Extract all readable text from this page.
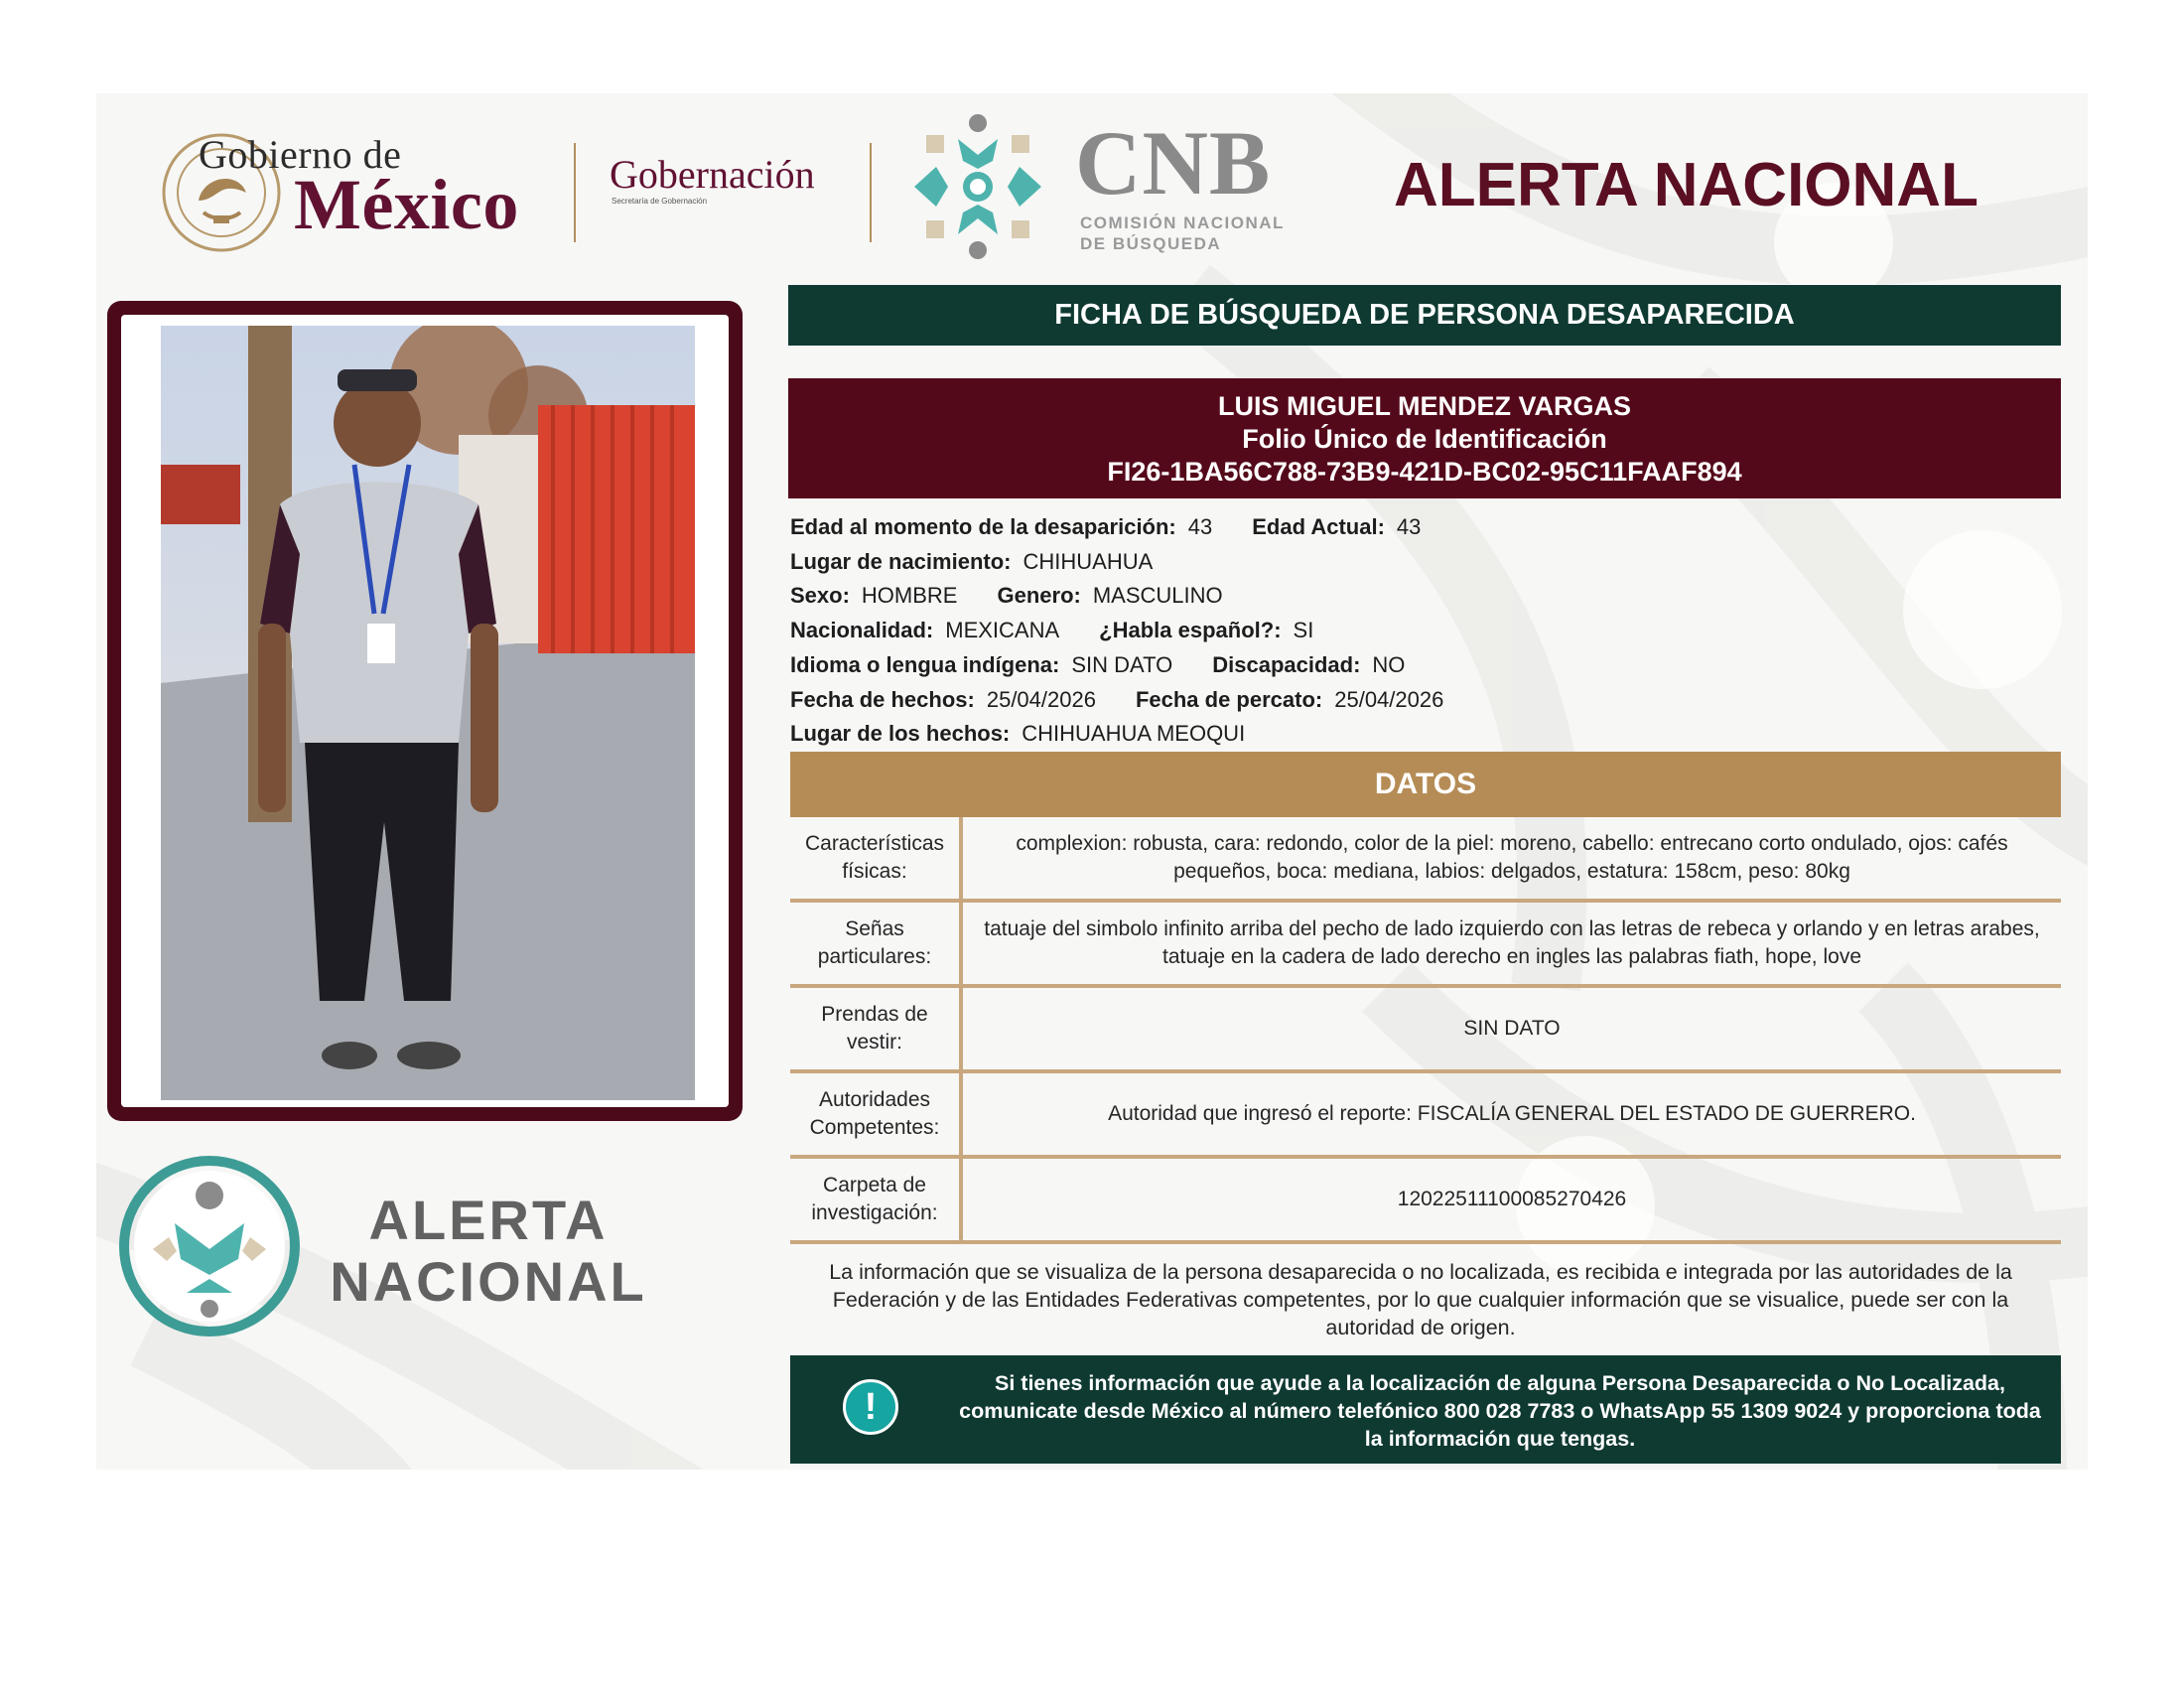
Gobierno de
México Gobernación
Secretaría de Gobernación	CNB
COMISIÓN NACIONAL
DE BÚSQUEDA
ALERTA NACIONAL
ALERTA
NACIONAL
FICHA DE BÚSQUEDA DE PERSONA DESAPARECIDA
LUIS MIGUEL MENDEZ VARGAS
Folio Único de Identificación
FI26-1BA56C788-73B9-421D-BC02-95C11FAAF894
Edad al momento de la desaparición: 43 Edad Actual: 43
Lugar de nacimiento: CHIHUAHUA
Sexo: HOMBRE Genero: MASCULINO
Nacionalidad: MEXICANA ¿Habla español?: SI
Idioma o lengua indígena: SIN DATO Discapacidad: NO
Fecha de hechos: 25/04/2026 Fecha de percato: 25/04/2026
Lugar de los hechos: CHIHUAHUA MEOQUI
DATOS
Características físicas:	complexion: robusta, cara: redondo, color de la piel: moreno, cabello: entrecano corto ondulado, ojos: cafés pequeños, boca: mediana, labios: delgados, estatura: 158cm, peso: 80kg
Señas particulares:	tatuaje del simbolo infinito arriba del pecho de lado izquierdo con las letras de rebeca y orlando y en letras arabes, tatuaje en la cadera de lado derecho en ingles las palabras fiath, hope, love
Prendas de vestir:	SIN DATO
Autoridades Competentes:	Autoridad que ingresó el reporte: FISCALÍA GENERAL DEL ESTADO DE GUERRERO.
Carpeta de investigación:	12022511100085270426
La información que se visualiza de la persona desaparecida o no localizada, es recibida e integrada por las autoridades de la Federación y de las Entidades Federativas competentes, por lo que cualquier información que se visualice, puede ser con la autoridad de origen.
!
Si tienes información que ayude a la localización de alguna Persona Desaparecida o No Localizada, comunicate desde México al número telefónico 800 028 7783 o WhatsApp 55 1309 9024 y proporciona toda la información que tengas.
